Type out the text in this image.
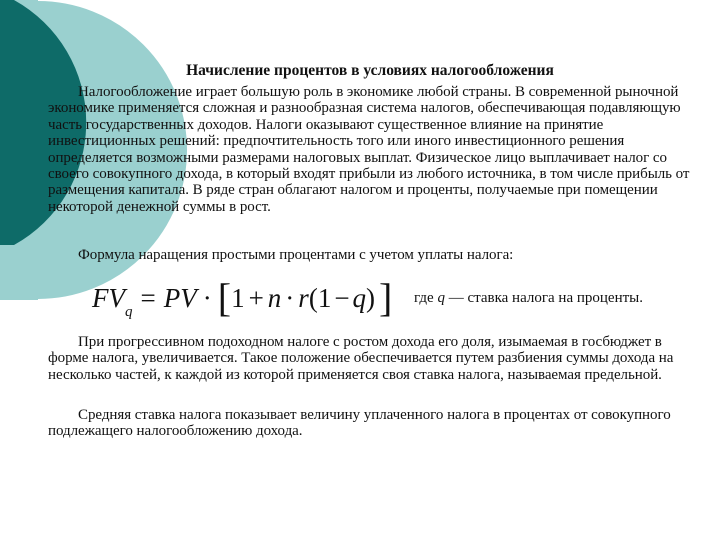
Начисление процентов в условиях налогообложения

Налогообложение играет большую роль в экономике любой страны. В современной рыночной экономике применяется сложная и разнообразная система налогов, обеспечивающая подавляющую часть государственных доходов. Налоги оказывают существенное влияние на принятие инвестиционных решений: предпочтительность того или иного инвестиционного решения определяется возможными размерами налоговых выплат. Физическое лицо выплачивает налог со своего совокупного дохода, в который входят прибыли из любого источника, в том числе прибыль от размещения капитала. В ряде стран облагают налогом и проценты, получаемые при помещении некоторой денежной суммы в рост.

Формула наращения простыми процентами с учетом уплаты налога:

$FV_q$ = PV · [1 + n · r(1 − q) ] где q — ставка налога на проценты.

При прогрессивном подоходном налоге с ростом дохода его доля, изымаемая в госбюджет в форме налога, увеличивается. Такое положение обеспечивается путем разбиения суммы дохода на несколько частей, к каждой из которой применяется своя ставка налога, называемая предельной.

Средняя ставка налога показывает величину уплаченного налога в процентах от совокупного подлежащего налогообложению дохода.
